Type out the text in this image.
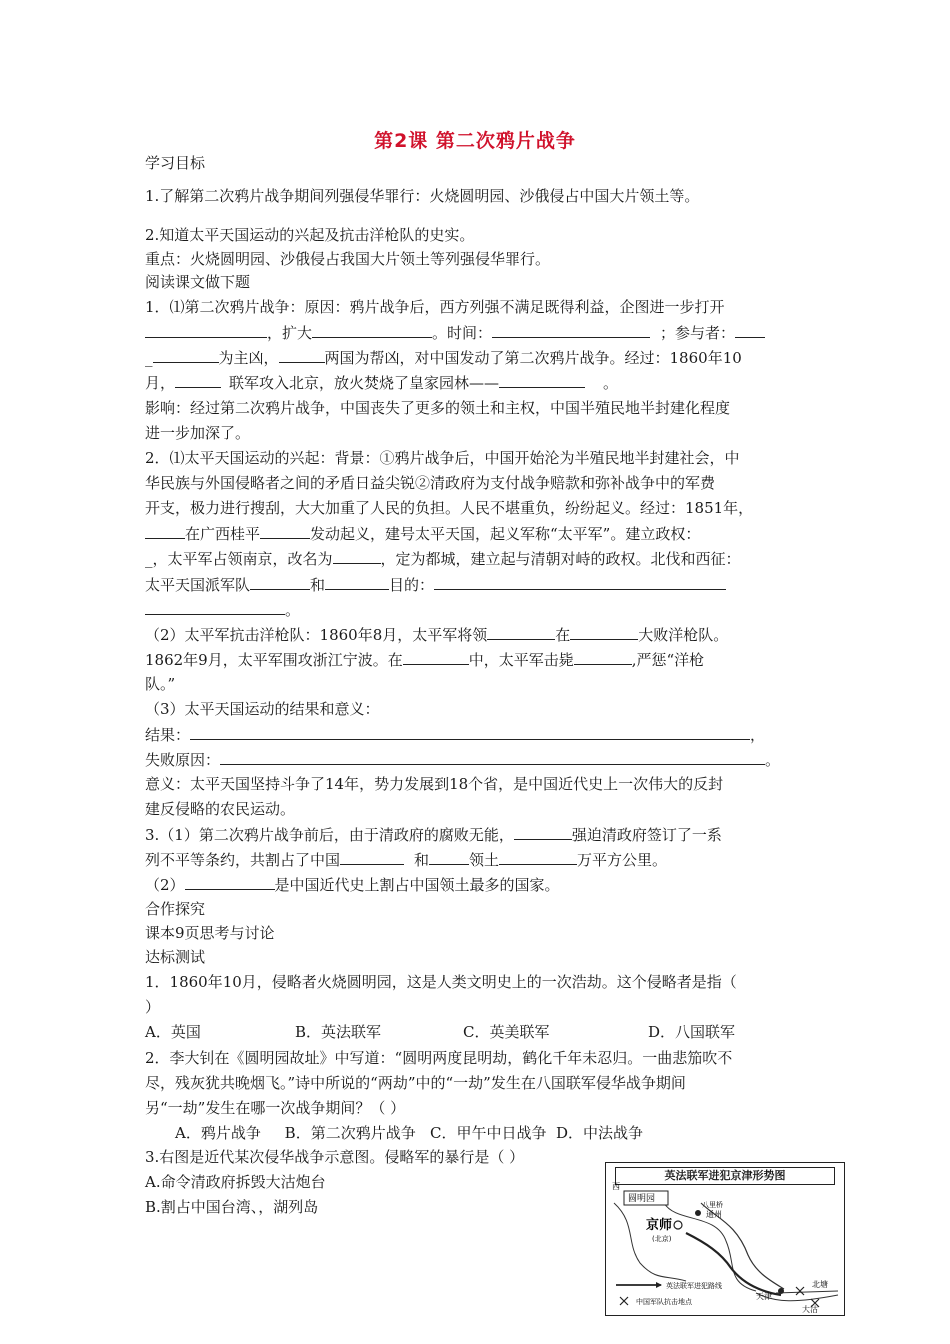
第2课 第二次鸦片战争
学习目标
1.了解第二次鸦片战争期间列强侵华罪行：火烧圆明园、沙俄侵占中国大片领土等。
2.知道太平天国运动的兴起及抗击洋枪队的史实。
重点：火烧圆明园、沙俄侵占我国大片领土等列强侵华罪行。
阅读课文做下题
1．⑴第二次鸦片战争：原因：鸦片战争后，西方列强不满足既得利益，企图进一步打开
，扩大	。时间：	；参与者：
_	为主凶，	两国为帮凶，对中国发动了第二次鸦片战争。经过：1860年10
月，	联军攻入北京，放火焚烧了皇家园林——	。
影响：经过第二次鸦片战争，中国丧失了更多的领土和主权，中国半殖民地半封建化程度
进一步加深了。
2．⑴太平天国运动的兴起：背景：①鸦片战争后，中国开始沦为半殖民地半封建社会，中
华民族与外国侵略者之间的矛盾日益尖锐②清政府为支付战争赔款和弥补战争中的军费
开支，极力进行搜刮，大大加重了人民的负担。人民不堪重负，纷纷起义。经过：1851年，
在广西桂平	发动起义，建号太平天国，起义军称“太平军”。建立政权：
_，太平军占领南京，改名为	，定为都城，建立起与清朝对峙的政权。北伐和西征：
太平天国派军队	和	目的：
。
（2）太平军抗击洋枪队：1860年8月，太平军将领	在	大败洋枪队。
1862年9月，太平军围攻浙江宁波。在	中，太平军击毙	,严惩“洋枪
队。”
（3）太平天国运动的结果和意义：
结果：	，
失败原因：	。
意义：太平天国坚持斗争了14年，势力发展到18个省，是中国近代史上一次伟大的反封
建反侵略的农民运动。
3.（1）第二次鸦片战争前后，由于清政府的腐败无能，	强迫清政府签订了一系
列不平等条约，共割占了中国	和	领土	万平方公里。
（2）	是中国近代史上割占中国领土最多的国家。
合作探究
课本9页思考与讨论
达标测试
1．1860年10月，侵略者火烧圆明园，这是人类文明史上的一次浩劫。这个侵略者是指（
）
A．英国	B．英法联军	C．英美联军	D．八国联军
2．李大钊在《圆明园故址》中写道：“圆明两度昆明劫，鹤化千年未忍归。一曲悲笳吹不
尽，残灰犹共晚烟飞。”诗中所说的“两劫”中的“一劫”发生在八国联军侵华战争期间
另“一劫”发生在哪一次战争期间？（ ）
A．鸦片战争     B．第二次鸦片战争   C．甲午中日战争  D．中法战争
3.右图是近代某次侵华战争示意图。侵略军的暴行是（ ）
A.命令清政府拆毁大沽炮台
B.割占中国台湾、，湖列岛
英法联军进犯京津形势图
西
圆明园
八里桥
通州
京师
(北京)
天津
北塘
大沽
英法联军进犯路线
中国军队抗击地点
